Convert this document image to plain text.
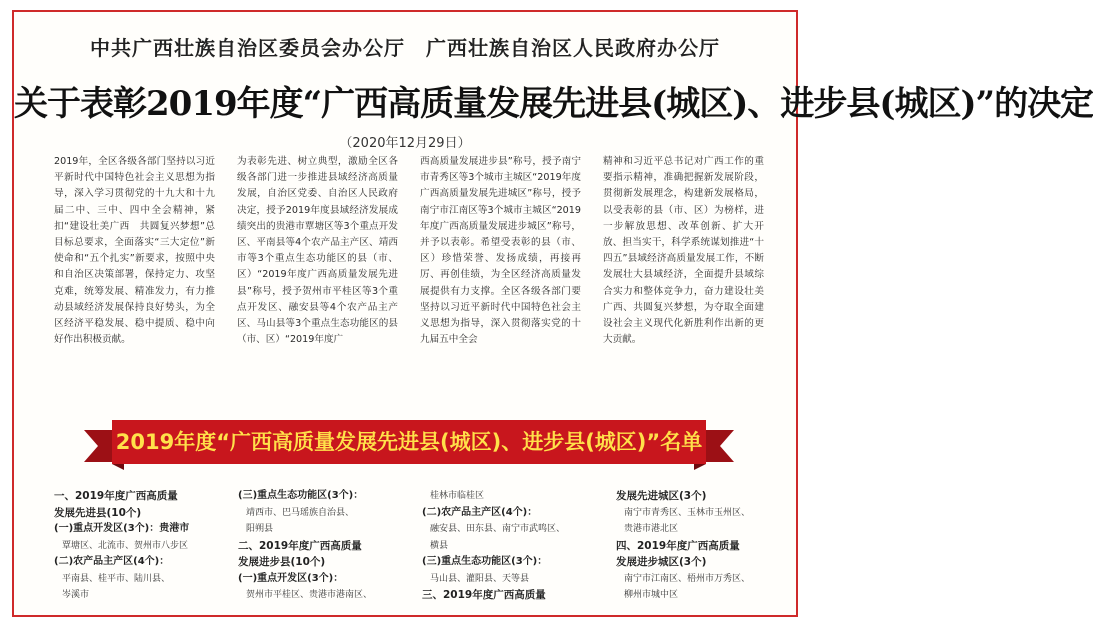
中共广西壮族自治区委员会办公厅　广西壮族自治区人民政府办公厅
关于表彰2019年度“广西高质量发展先进县(城区)、进步县(城区)”的决定
（2020年12月29日）

2019年，全区各级各部门坚持以习近平新时代中国特色社会主义思想为指导，深入学习贯彻党的十九大和十九届二中、三中、四中全会精神，紧扣“建设壮美广西　共圆复兴梦想”总目标总要求，全面落实“三大定位”新使命和“五个扎实”新要求，按照中央和自治区决策部署，保持定力、攻坚克难，统筹发展、精准发力，有力推动县域经济发展保持良好势头，为全区经济平稳发展、稳中提质、稳中向好作出积极贡献。

为表彰先进、树立典型，激励全区各级各部门进一步推进县域经济高质量发展，自治区党委、自治区人民政府决定，授予2019年度县域经济发展成绩突出的贵港市覃塘区等3个重点开发区、平南县等4个农产品主产区、靖西市等3个重点生态功能区的县（市、区）“2019年度广西高质量发展先进县”称号，授予贺州市平桂区等3个重点开发区、融安县等4个农产品主产区、马山县等3个重点生态功能区的县（市、区）“2019年度广

西高质量发展进步县”称号，授予南宁市青秀区等3个城市主城区“2019年度广西高质量发展先进城区”称号，授予南宁市江南区等3个城市主城区“2019年度广西高质量发展进步城区”称号，并予以表彰。希望受表彰的县（市、区）珍惜荣誉、发扬成绩，再接再厉、再创佳绩，为全区经济高质量发展提供有力支撑。全区各级各部门要坚持以习近平新时代中国特色社会主义思想为指导，深入贯彻落实党的十九届五中全会

精神和习近平总书记对广西工作的重要指示精神，准确把握新发展阶段，贯彻新发展理念，构建新发展格局，以受表彰的县（市、区）为榜样，进一步解放思想、改革创新、扩大开放、担当实干，科学系统谋划推进“十四五”县域经济高质量发展工作，不断发展壮大县域经济，全面提升县域综合实力和整体竞争力，奋力建设壮美广西、共圆复兴梦想，为夺取全面建设社会主义现代化新胜利作出新的更大贡献。

2019年度“广西高质量发展先进县(城区)、进步县(城区)”名单
一、2019年度广西高质量
发展先进县(10个)
(一)重点开发区(3个)：贵港市
覃塘区、北流市、贺州市八步区
(二)农产品主产区(4个)：
平南县、桂平市、陆川县、
岑溪市
(三)重点生态功能区(3个)：
靖西市、巴马瑶族自治县、
阳朔县
二、2019年度广西高质量
发展进步县(10个)
(一)重点开发区(3个)：
贺州市平桂区、贵港市港南区、
桂林市临桂区
(二)农产品主产区(4个)：
融安县、田东县、南宁市武鸣区、
横县
(三)重点生态功能区(3个)：
马山县、灌阳县、天等县
三、2019年度广西高质量
发展先进城区(3个)
南宁市青秀区、玉林市玉州区、
贵港市港北区
四、2019年度广西高质量
发展进步城区(3个)
南宁市江南区、梧州市万秀区、
柳州市城中区
